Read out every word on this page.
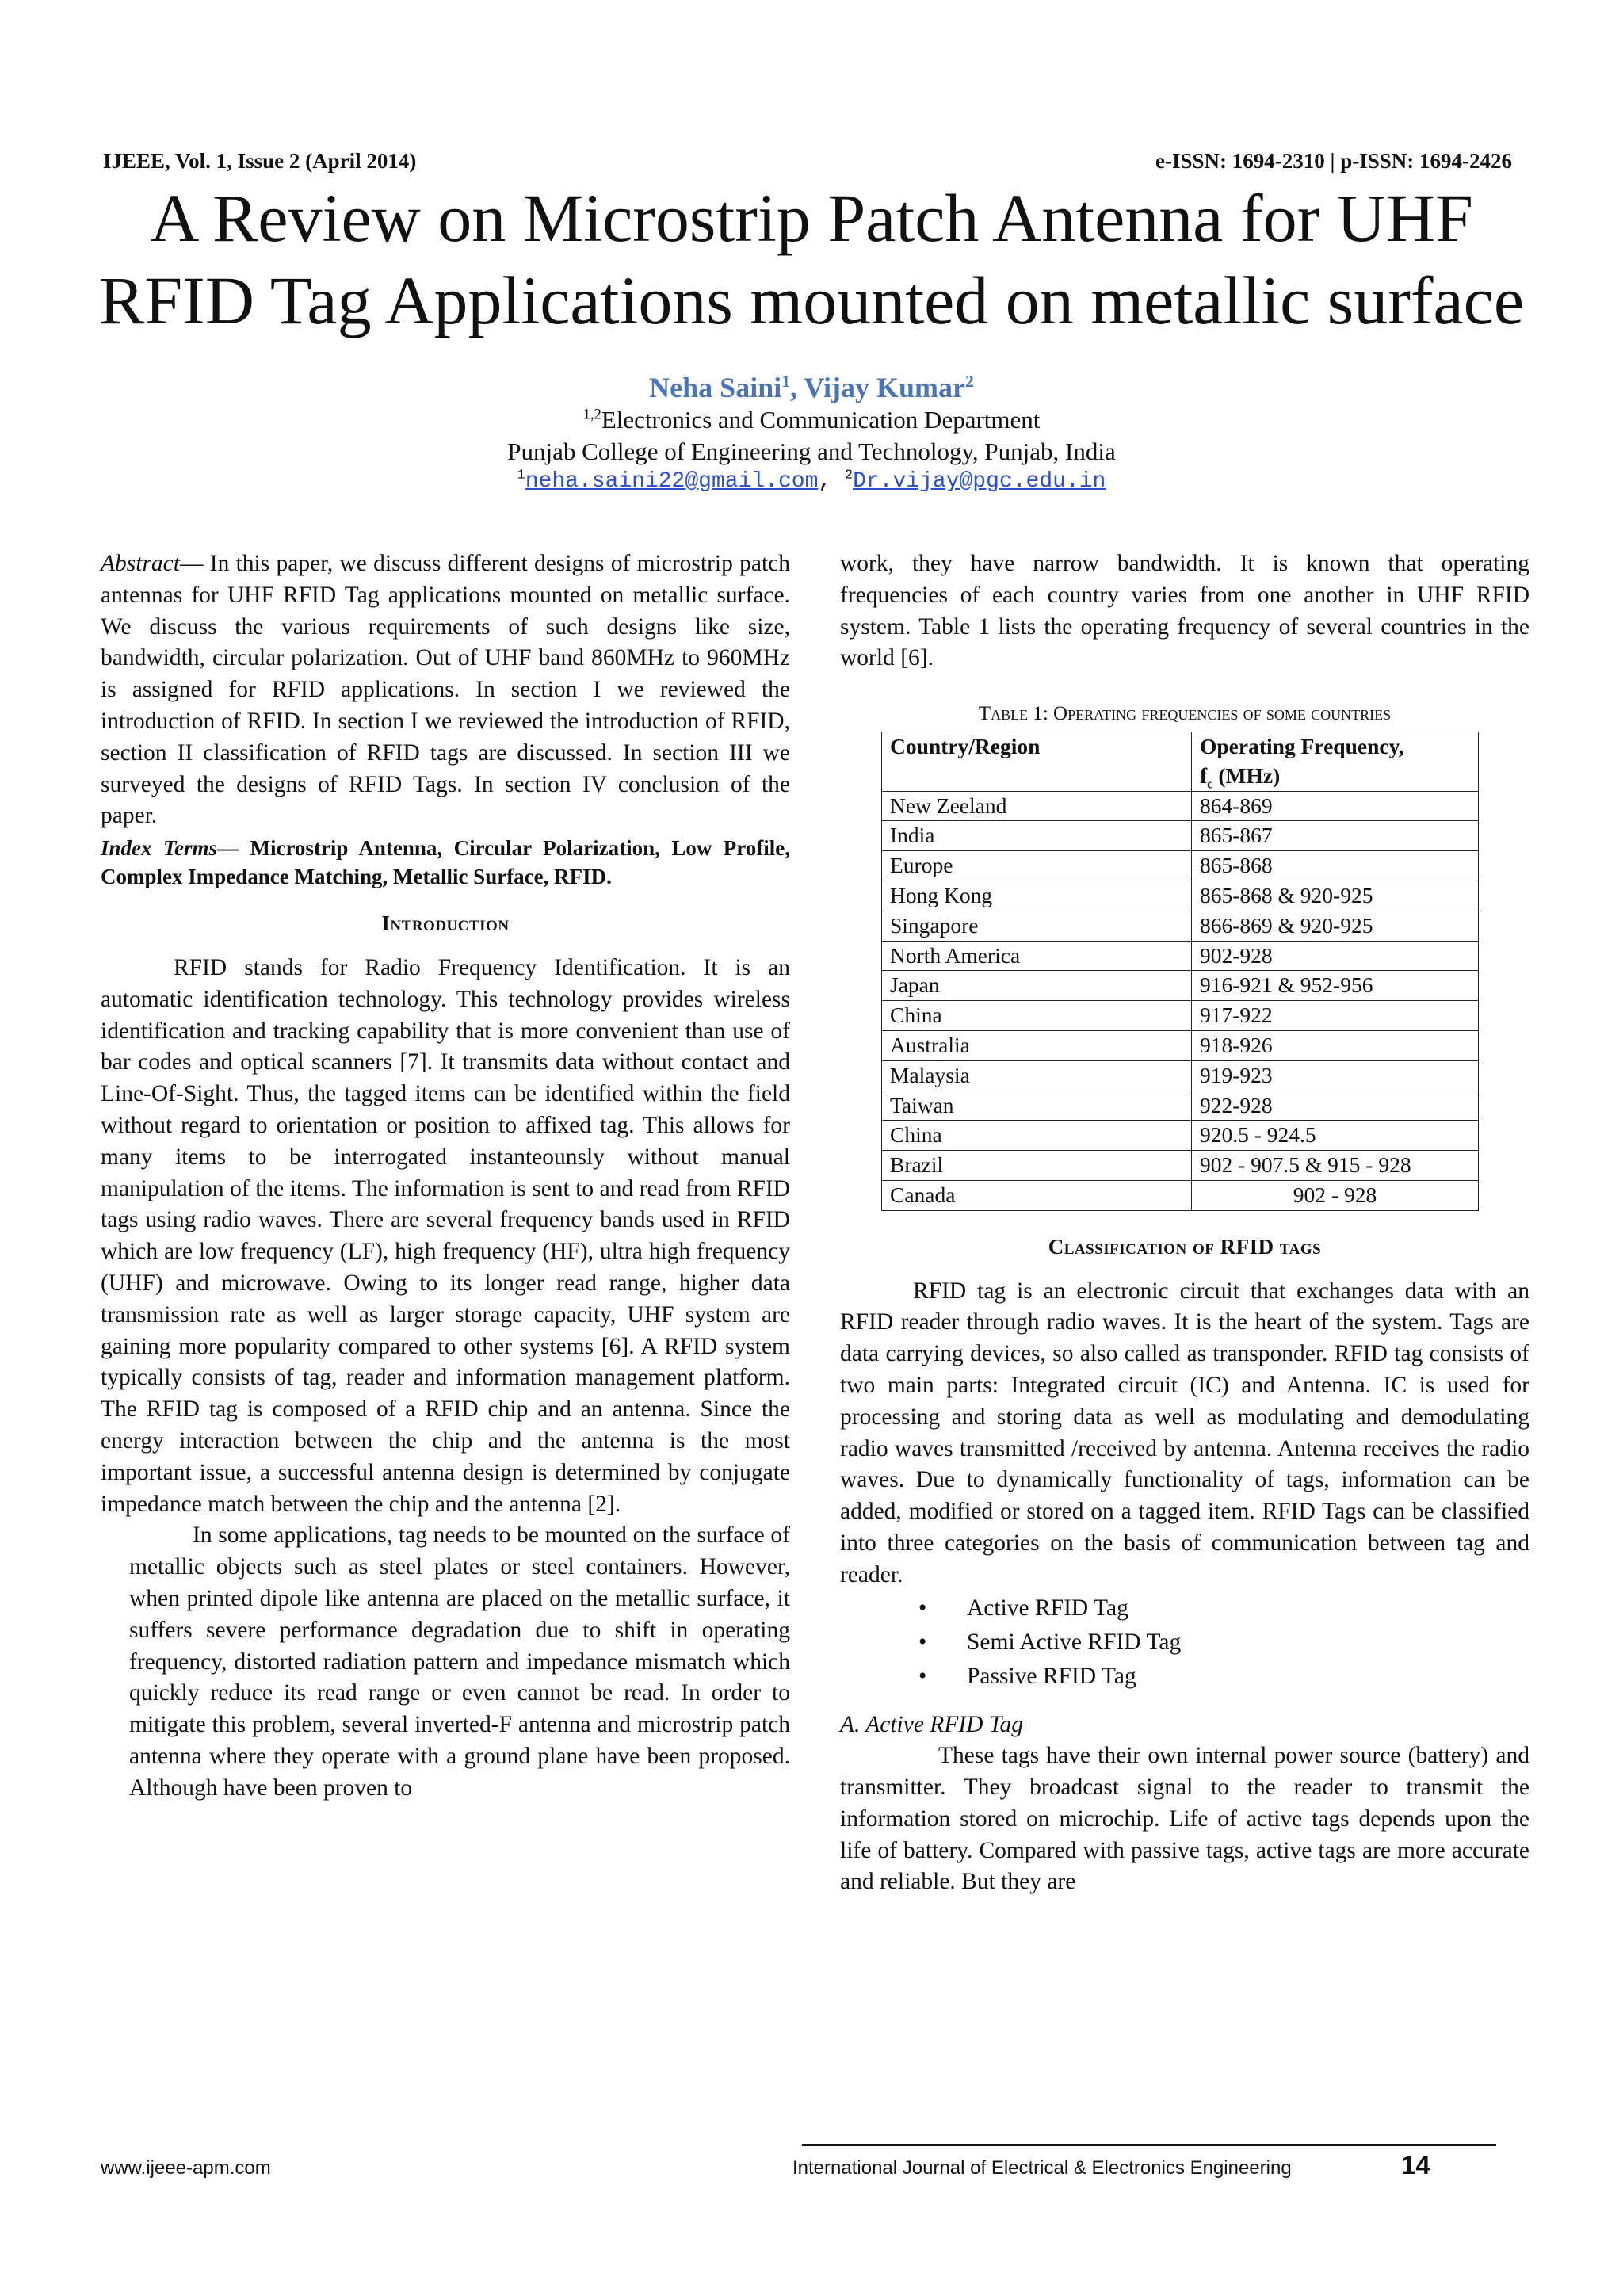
IJEEE, Vol. 1, Issue 2 (April 2014)	e-ISSN: 1694-2310 | p-ISSN: 1694-2426
A Review on Microstrip Patch Antenna for UHF
RFID Tag Applications mounted on metallic surface
Neha Saini$^1$, Vijay Kumar$^2$
$^{1,2}$Electronics and Communication Department
Punjab College of Engineering and Technology, Punjab, India
$^1$neha.saini22@gmail.com, $^2$Dr.vijay@pgc.edu.in

Abstract— In this paper, we discuss different designs of microstrip patch antennas for UHF RFID Tag applications mounted on metallic surface. We discuss the various requirements of such designs like size, bandwidth, circular polarization. Out of UHF band 860MHz to 960MHz is assigned for RFID applications. In section I we reviewed the introduction of RFID. In section I we reviewed the introduction of RFID, section II classification of RFID tags are discussed. In section III we surveyed the designs of RFID Tags. In section IV conclusion of the paper.

Index Terms— Microstrip Antenna, Circular Polarization, Low Profile, Complex Impedance Matching, Metallic Surface, RFID.

Introduction

RFID stands for Radio Frequency Identification. It is an automatic identification technology. This technology provides wireless identification and tracking capability that is more convenient than use of bar codes and optical scanners [7]. It transmits data without contact and Line-Of-Sight. Thus, the tagged items can be identified within the field without regard to orientation or position to affixed tag. This allows for many items to be interrogated instanteounsly without manual manipulation of the items. The information is sent to and read from RFID tags using radio waves. There are several frequency bands used in RFID which are low frequency (LF), high frequency (HF), ultra high frequency (UHF) and microwave. Owing to its longer read range, higher data transmission rate as well as larger storage capacity, UHF system are gaining more popularity compared to other systems [6]. A RFID system typically consists of tag, reader and information management platform. The RFID tag is composed of a RFID chip and an antenna. Since the energy interaction between the chip and the antenna is the most important issue, a successful antenna design is determined by conjugate impedance match between the chip and the antenna [2].

In some applications, tag needs to be mounted on the surface of metallic objects such as steel plates or steel containers. However, when printed dipole like antenna are placed on the metallic surface, it suffers severe performance degradation due to shift in operating frequency, distorted radiation pattern and impedance mismatch which quickly reduce its read range or even cannot be read. In order to mitigate this problem, several inverted-F antenna and microstrip patch antenna where they operate with a ground plane have been proposed. Although have been proven to

work, they have narrow bandwidth. It is known that operating frequencies of each country varies from one another in UHF RFID system. Table 1 lists the operating frequency of several countries in the world [6].

Table 1: Operating frequencies of some countries

Country/Region	Operating Frequency,
$f_c$ (MHz)
New Zeeland	864-869
India	865-867
Europe	865-868
Hong Kong	865-868 & 920-925
Singapore	866-869 & 920-925
North America	902-928
Japan	916-921 & 952-956
China	917-922
Australia	918-926
Malaysia	919-923
Taiwan	922-928
China	920.5 - 924.5
Brazil	902 - 907.5 & 915 - 928
Canada	902 - 928

Classification of RFID tags

RFID tag is an electronic circuit that exchanges data with an RFID reader through radio waves. It is the heart of the system. Tags are data carrying devices, so also called as transponder. RFID tag consists of two main parts: Integrated circuit (IC) and Antenna. IC is used for processing and storing data as well as modulating and demodulating radio waves transmitted /received by antenna. Antenna receives the radio waves. Due to dynamically functionality of tags, information can be added, modified or stored on a tagged item. RFID Tags can be classified into three categories on the basis of communication between tag and reader.

• Active RFID Tag
• Semi Active RFID Tag
• Passive RFID Tag

A. Active RFID Tag

These tags have their own internal power source (battery) and transmitter. They broadcast signal to the reader to transmit the information stored on microchip. Life of active tags depends upon the life of battery. Compared with passive tags, active tags are more accurate and reliable. But they are

www.ijeee-apm.com	International Journal of Electrical & Electronics Engineering	14
